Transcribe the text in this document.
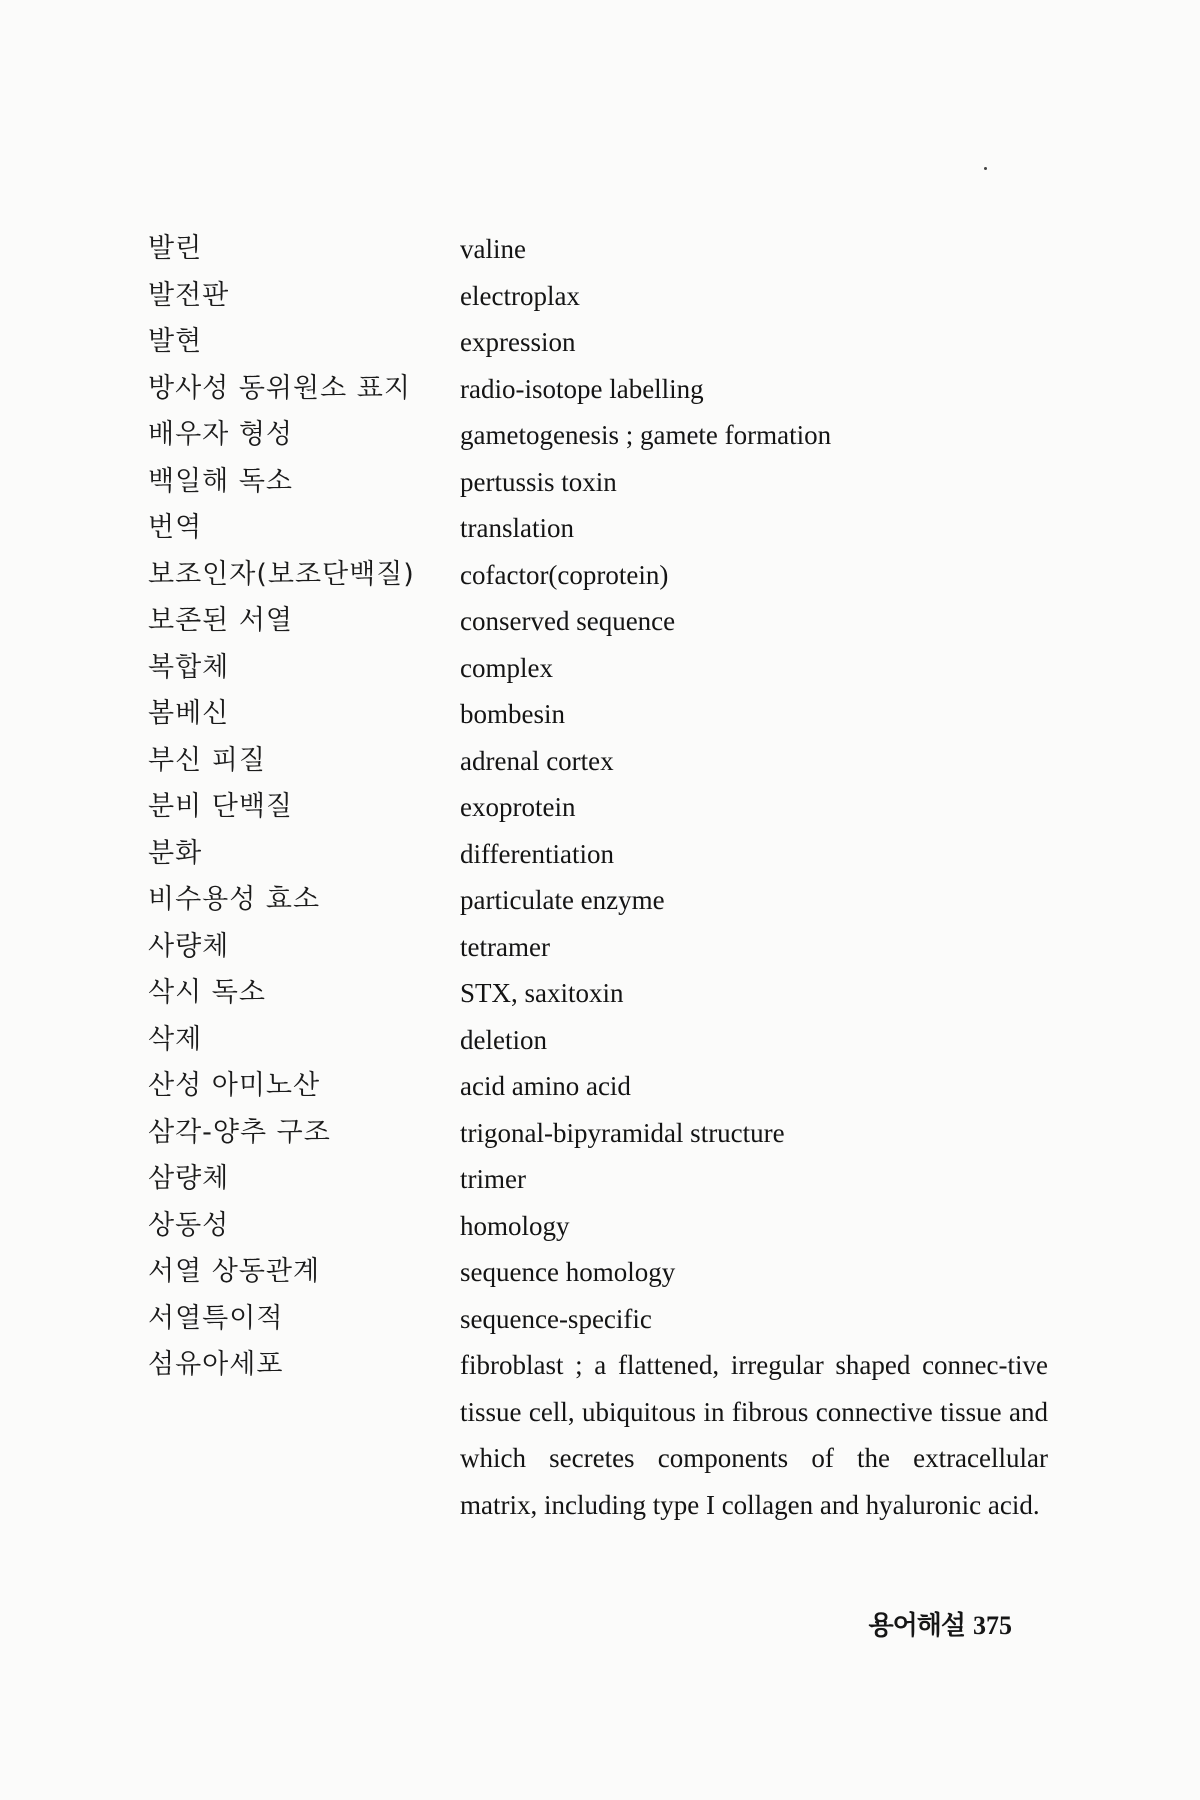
발린	valine
발전판	electroplax
발현	expression
방사성 동위원소 표지	radio-isotope labelling
배우자 형성	gametogenesis ; gamete formation
백일해 독소	pertussis toxin
번역	translation
보조인자(보조단백질)	cofactor(coprotein)
보존된 서열	conserved sequence
복합체	complex
봄베신	bombesin
부신 피질	adrenal cortex
분비 단백질	exoprotein
분화	differentiation
비수용성 효소	particulate enzyme
사량체	tetramer
삭시 독소	STX, saxitoxin
삭제	deletion
산성 아미노산	acid amino acid
삼각-양추 구조	trigonal-bipyramidal structure
삼량체	trimer
상동성	homology
서열 상동관계	sequence homology
서열특이적	sequence-specific
섬유아세포	fibroblast ; a flattened, irregular shaped connec-tive tissue cell, ubiquitous in fibrous connective tissue and which secretes components of the extracellular matrix, including type I collagen and hyaluronic acid.
용어해설 375
